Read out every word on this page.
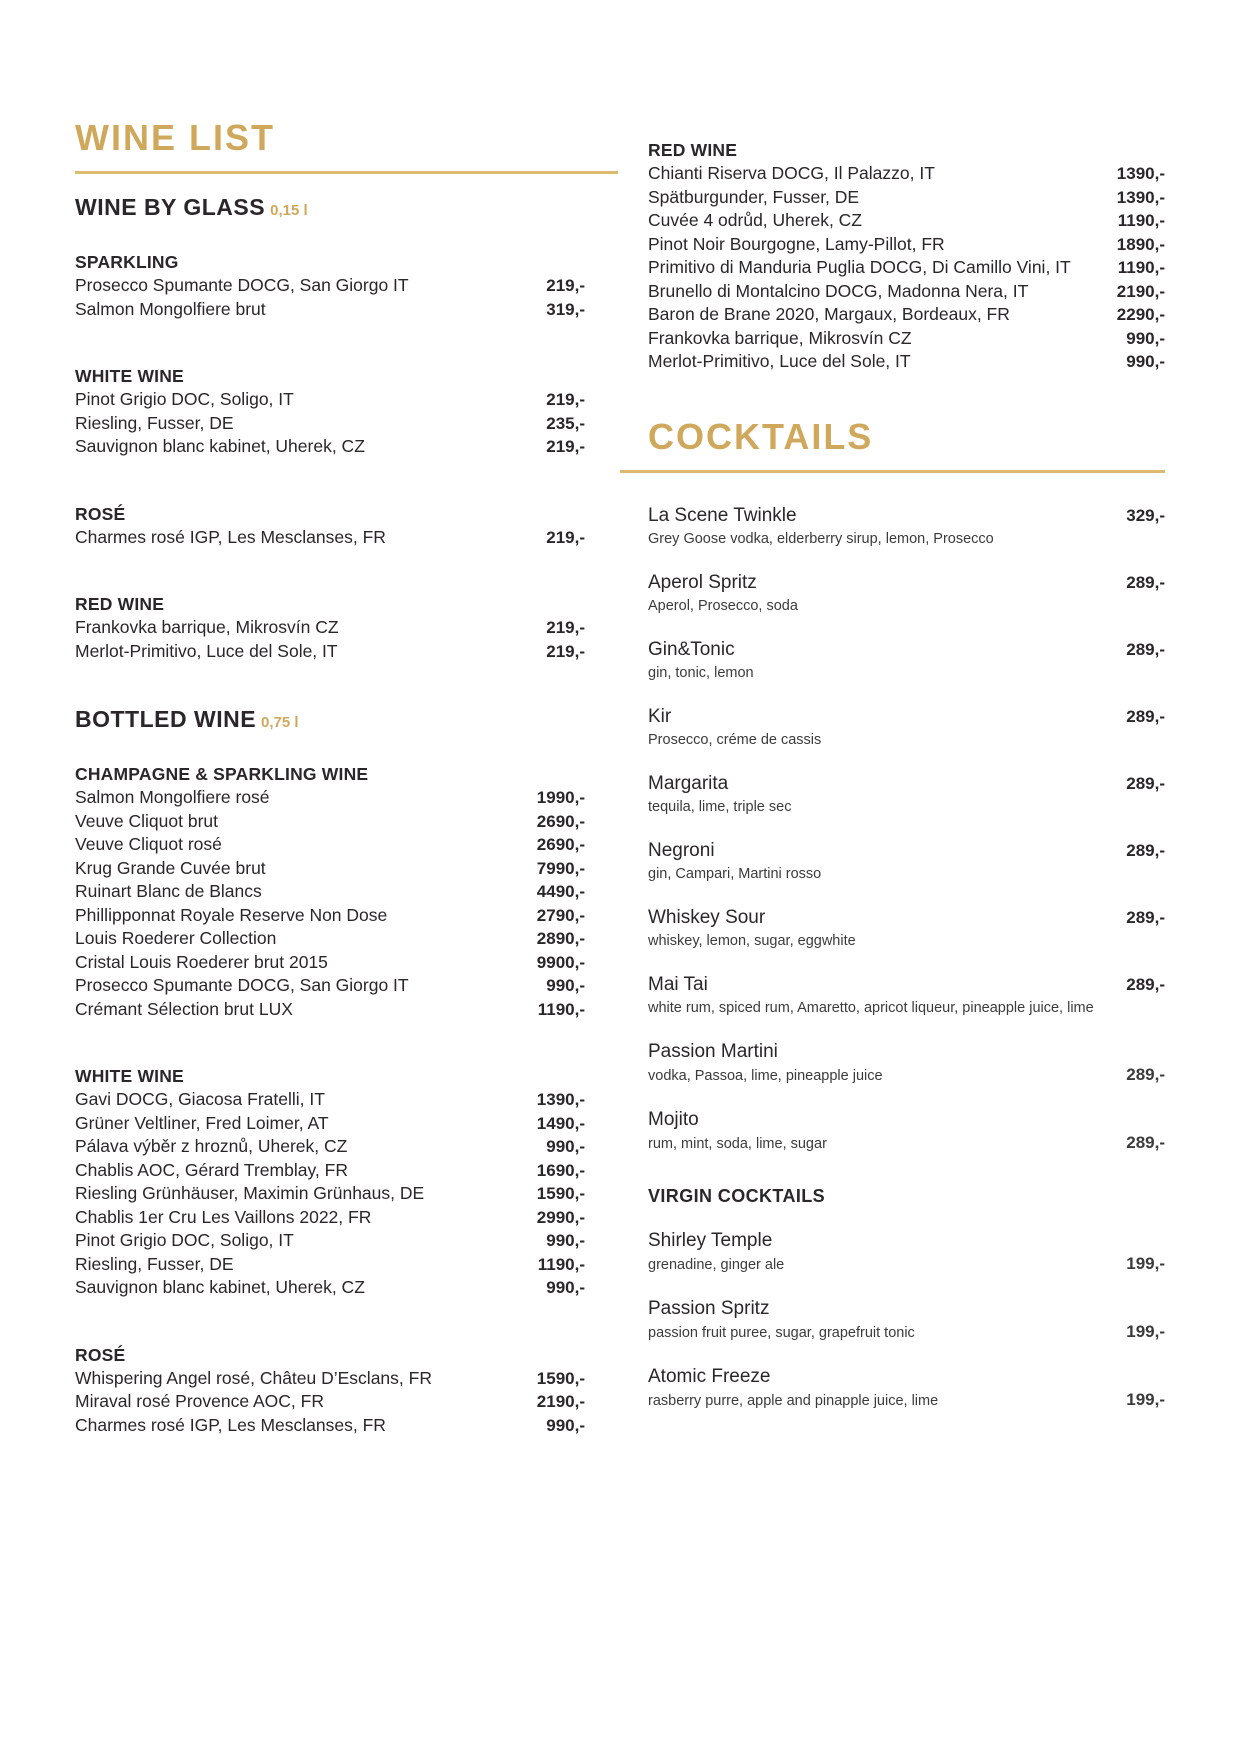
WINE LIST
WINE BY GLASS 0,15 l
SPARKLING
Prosecco Spumante DOCG, San Giorgo IT	219,-
Salmon Mongolfiere brut	319,-
WHITE WINE
Pinot Grigio DOC, Soligo, IT	219,-
Riesling, Fusser, DE	235,-
Sauvignon blanc kabinet, Uherek, CZ	219,-
ROSÉ
Charmes rosé IGP, Les Mesclanses, FR	219,-
RED WINE
Frankovka barrique, Mikrosvín CZ	219,-
Merlot-Primitivo, Luce del Sole, IT	219,-
BOTTLED WINE 0,75 l
CHAMPAGNE & SPARKLING WINE
Salmon Mongolfiere rosé	1990,-
Veuve Cliquot brut	2690,-
Veuve Cliquot rosé	2690,-
Krug Grande Cuvée brut	7990,-
Ruinart Blanc de Blancs	4490,-
Phillipponnat Royale Reserve Non Dose	2790,-
Louis Roederer Collection	2890,-
Cristal Louis Roederer brut 2015	9900,-
Prosecco Spumante DOCG, San Giorgo IT	990,-
Crémant Sélection brut LUX	1190,-
WHITE WINE
Gavi DOCG, Giacosa Fratelli, IT	1390,-
Grüner Veltliner, Fred Loimer, AT	1490,-
Pálava výběr z hroznů, Uherek, CZ	990,-
Chablis AOC, Gérard Tremblay, FR	1690,-
Riesling Grünhäuser, Maximin Grünhaus, DE	1590,-
Chablis 1er Cru Les Vaillons 2022, FR	2990,-
Pinot Grigio DOC, Soligo, IT	990,-
Riesling, Fusser, DE	1190,-
Sauvignon blanc kabinet, Uherek, CZ	990,-
ROSÉ
Whispering Angel rosé, Châteu D’Esclans, FR	1590,-
Miraval rosé Provence AOC, FR	2190,-
Charmes rosé IGP, Les Mesclanses, FR	990,-
RED WINE
Chianti Riserva DOCG, Il Palazzo, IT	1390,-
Spätburgunder, Fusser, DE	1390,-
Cuvée 4 odrůd, Uherek, CZ	1190,-
Pinot Noir Bourgogne, Lamy-Pillot, FR	1890,-
Primitivo di Manduria Puglia DOCG, Di Camillo Vini, IT	1190,-
Brunello di Montalcino DOCG, Madonna Nera, IT	2190,-
Baron de Brane 2020, Margaux, Bordeaux, FR	2290,-
Frankovka barrique, Mikrosvín CZ	990,-
Merlot-Primitivo, Luce del Sole, IT	990,-
COCKTAILS
La Scene Twinkle	329,-
Grey Goose vodka, elderberry sirup, lemon, Prosecco
Aperol Spritz	289,-
Aperol, Prosecco, soda
Gin&Tonic	289,-
gin, tonic, lemon
Kir	289,-
Prosecco, créme de cassis
Margarita	289,-
tequila, lime, triple sec
Negroni	289,-
gin, Campari, Martini rosso
Whiskey Sour	289,-
whiskey, lemon, sugar, eggwhite
Mai Tai	289,-
white rum, spiced rum, Amaretto, apricot liqueur, pineapple juice, lime
Passion Martini
vodka, Passoa, lime, pineapple juice	289,-
Mojito
rum, mint, soda, lime, sugar	289,-
VIRGIN COCKTAILS
Shirley Temple
grenadine, ginger ale	199,-
Passion Spritz
passion fruit puree, sugar, grapefruit tonic	199,-
Atomic Freeze
rasberry purre, apple and pinapple juice, lime	199,-
